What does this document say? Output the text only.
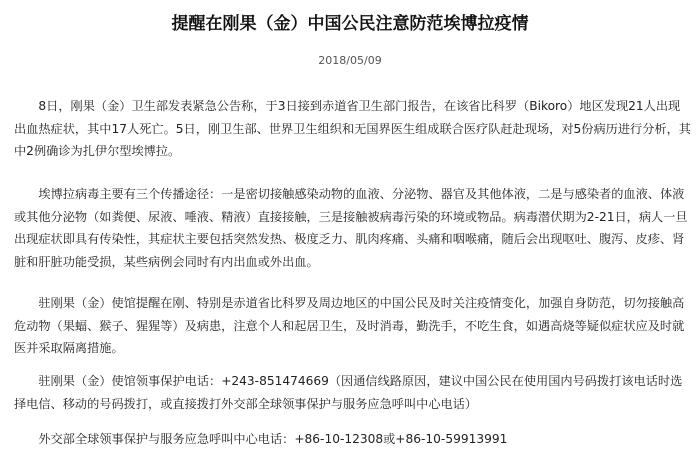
提醒在刚果（金）中国公民注意防范埃博拉疫情
2018/05/09

8日，刚果（金）卫生部发表紧急公告称，于3日接到赤道省卫生部门报告，在该省比科罗（Bikoro）地区发现21人出现出血热症状，其中17人死亡。5日，刚卫生部、世界卫生组织和无国界医生组成联合医疗队赶赴现场，对5份病历进行分析，其中2例确诊为扎伊尔型埃博拉。

埃博拉病毒主要有三个传播途径：一是密切接触感染动物的血液、分泌物、器官及其他体液，二是与感染者的血液、体液或其他分泌物（如粪便、尿液、唾液、精液）直接接触，三是接触被病毒污染的环境或物品。病毒潜伏期为2-21日，病人一旦出现症状即具有传染性，其症状主要包括突然发热、极度乏力、肌肉疼痛、头痛和咽喉痛，随后会出现呕吐、腹泻、皮疹、肾脏和肝脏功能受损，某些病例会同时有内出血或外出血。

驻刚果（金）使馆提醒在刚、特别是赤道省比科罗及周边地区的中国公民及时关注疫情变化，加强自身防范，切勿接触高危动物（果蝠、猴子、猩猩等）及病患，注意个人和起居卫生，及时消毒，勤洗手，不吃生食，如遇高烧等疑似症状应及时就医并采取隔离措施。

驻刚果（金）使馆领事保护电话：+243-851474669（因通信线路原因，建议中国公民在使用国内号码拨打该电话时选择电信、移动的号码拨打，或直接拨打外交部全球领事保护与服务应急呼叫中心电话）

外交部全球领事保护与服务应急呼叫中心电话：+86-10-12308或+86-10-59913991
